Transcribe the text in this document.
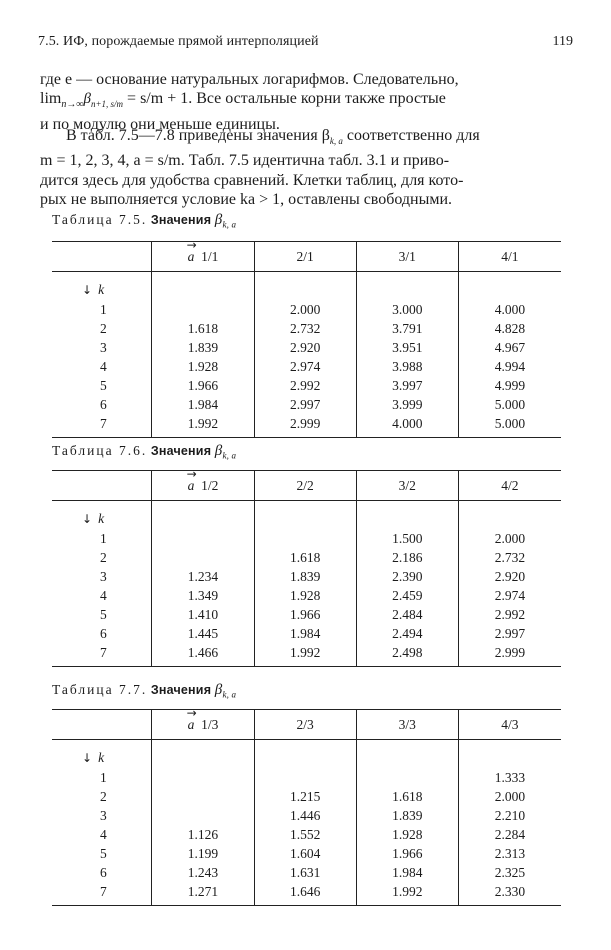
7.5. ИФ, порождаемые прямой интерполяцией	119
где e — основание натуральных логарифмов. Следовательно,
$\lim_{n\to\infty}\beta_{n+1, s/m} = s/m + 1$. Все остальные корни также простые
и по модулю они меньше единицы.
В табл. 7.5—7.8 приведены значения $\beta_{k, a}$ соответственно для
m = 1, 2, 3, 4, a = s/m. Табл. 7.5 идентична табл. 3.1 и приво-
дится здесь для удобства сравнений. Клетки таблиц, для кото-
рых не выполняется условие ka > 1, оставлены свободными.
Таблица 7.5. Значения $\beta_{k, a}$
	→ a 1/1	2/1	3/1	4/1

↓ k				
1		2.000	3.000	4.000
2	1.618	2.732	3.791	4.828
3	1.839	2.920	3.951	4.967
4	1.928	2.974	3.988	4.994
5	1.966	2.992	3.997	4.999
6	1.984	2.997	3.999	5.000
7	1.992	2.999	4.000	5.000
Таблица 7.6. Значения $\beta_{k, a}$
	→ a 1/2	2/2	3/2	4/2

↓ k				
1			1.500	2.000
2		1.618	2.186	2.732
3	1.234	1.839	2.390	2.920
4	1.349	1.928	2.459	2.974
5	1.410	1.966	2.484	2.992
6	1.445	1.984	2.494	2.997
7	1.466	1.992	2.498	2.999
Таблица 7.7. Значения $\beta_{k, a}$
	→ a 1/3	2/3	3/3	4/3

↓ k				
1				1.333
2		1.215	1.618	2.000
3		1.446	1.839	2.210
4	1.126	1.552	1.928	2.284
5	1.199	1.604	1.966	2.313
6	1.243	1.631	1.984	2.325
7	1.271	1.646	1.992	2.330
